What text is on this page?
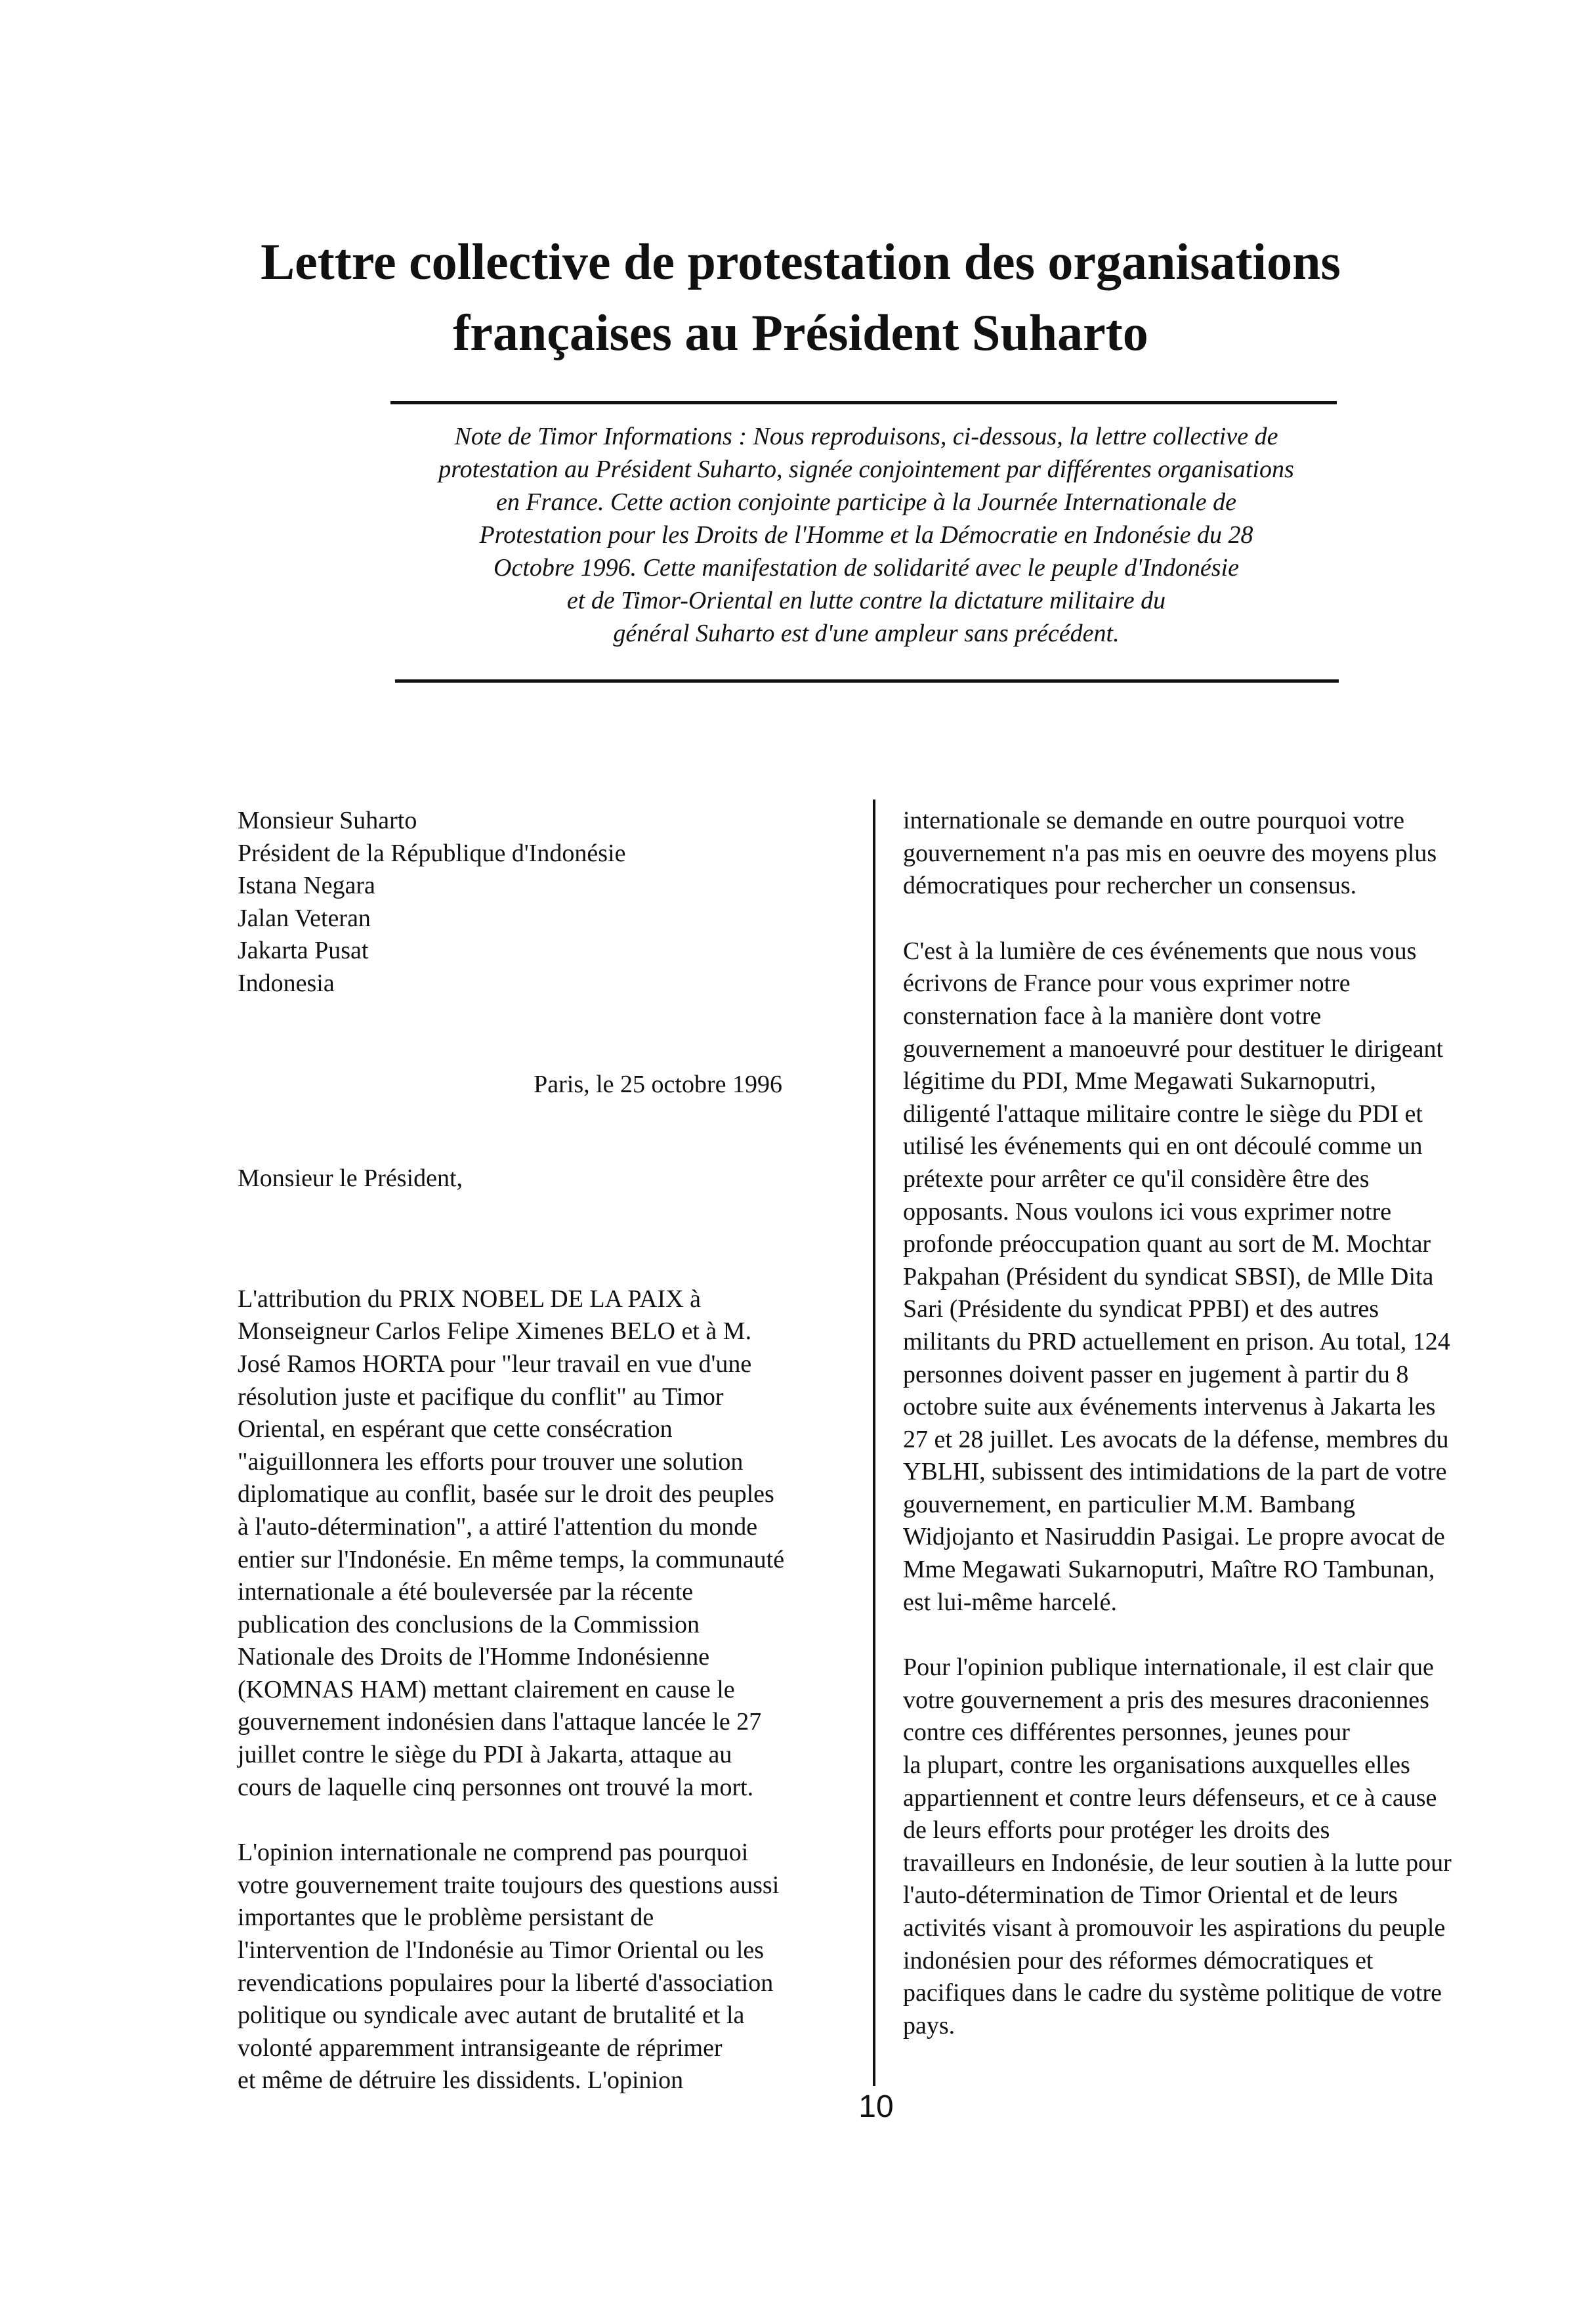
Lettre collective de protestation des organisations
françaises au Président Suharto

Note de Timor Informations : Nous reproduisons, ci-dessous, la lettre collective de
protestation au Président Suharto, signée conjointement par différentes organisations
en France. Cette action conjointe participe à la Journée Internationale de
Protestation pour les Droits de l'Homme et la Démocratie en Indonésie du 28
Octobre 1996. Cette manifestation de solidarité avec le peuple d'Indonésie
et de Timor-Oriental en lutte contre la dictature militaire du
général Suharto est d'une ampleur sans précédent.

Monsieur Suharto
Président de la République d'Indonésie
Istana Negara
Jalan Veteran
Jakarta Pusat
Indonesia

Paris, le 25 octobre 1996

Monsieur le Président,

L'attribution du PRIX NOBEL DE LA PAIX à
Monseigneur Carlos Felipe Ximenes BELO et à M.
José Ramos HORTA pour "leur travail en vue d'une
résolution juste et pacifique du conflit" au Timor
Oriental, en espérant que cette consécration
"aiguillonnera les efforts pour trouver une solution
diplomatique au conflit, basée sur le droit des peuples
à l'auto-détermination", a attiré l'attention du monde
entier sur l'Indonésie. En même temps, la communauté
internationale a été bouleversée par la récente
publication des conclusions de la Commission
Nationale des Droits de l'Homme Indonésienne
(KOMNAS HAM) mettant clairement en cause le
gouvernement indonésien dans l'attaque lancée le 27
juillet contre le siège du PDI à Jakarta, attaque au
cours de laquelle cinq personnes ont trouvé la mort.

L'opinion internationale ne comprend pas pourquoi
votre gouvernement traite toujours des questions aussi
importantes que le problème persistant de
l'intervention de l'Indonésie au Timor Oriental ou les
revendications populaires pour la liberté d'association
politique ou syndicale avec autant de brutalité et la
volonté apparemment intransigeante de réprimer
et même de détruire les dissidents. L'opinion

internationale se demande en outre pourquoi votre
gouvernement n'a pas mis en oeuvre des moyens plus
démocratiques pour rechercher un consensus.

C'est à la lumière de ces événements que nous vous
écrivons de France pour vous exprimer notre
consternation face à la manière dont votre
gouvernement a manoeuvré pour destituer le dirigeant
légitime du PDI, Mme Megawati Sukarnoputri,
diligenté l'attaque militaire contre le siège du PDI et
utilisé les événements qui en ont découlé comme un
prétexte pour arrêter ce qu'il considère être des
opposants. Nous voulons ici vous exprimer notre
profonde préoccupation quant au sort de M. Mochtar
Pakpahan (Président du syndicat SBSI), de Mlle Dita
Sari (Présidente du syndicat PPBI) et des autres
militants du PRD actuellement en prison. Au total, 124
personnes doivent passer en jugement à partir du 8
octobre suite aux événements intervenus à Jakarta les
27 et 28 juillet. Les avocats de la défense, membres du
YBLHI, subissent des intimidations de la part de votre
gouvernement, en particulier M.M. Bambang
Widjojanto et Nasiruddin Pasigai. Le propre avocat de
Mme Megawati Sukarnoputri, Maître RO Tambunan,
est lui-même harcelé.

Pour l'opinion publique internationale, il est clair que
votre gouvernement a pris des mesures draconiennes
contre ces différentes personnes, jeunes pour
la plupart, contre les organisations auxquelles elles
appartiennent et contre leurs défenseurs, et ce à cause
de leurs efforts pour protéger les droits des
travailleurs en Indonésie, de leur soutien à la lutte pour
l'auto-détermination de Timor Oriental et de leurs
activités visant à promouvoir les aspirations du peuple
indonésien pour des réformes démocratiques et
pacifiques dans le cadre du système politique de votre
pays.

10
